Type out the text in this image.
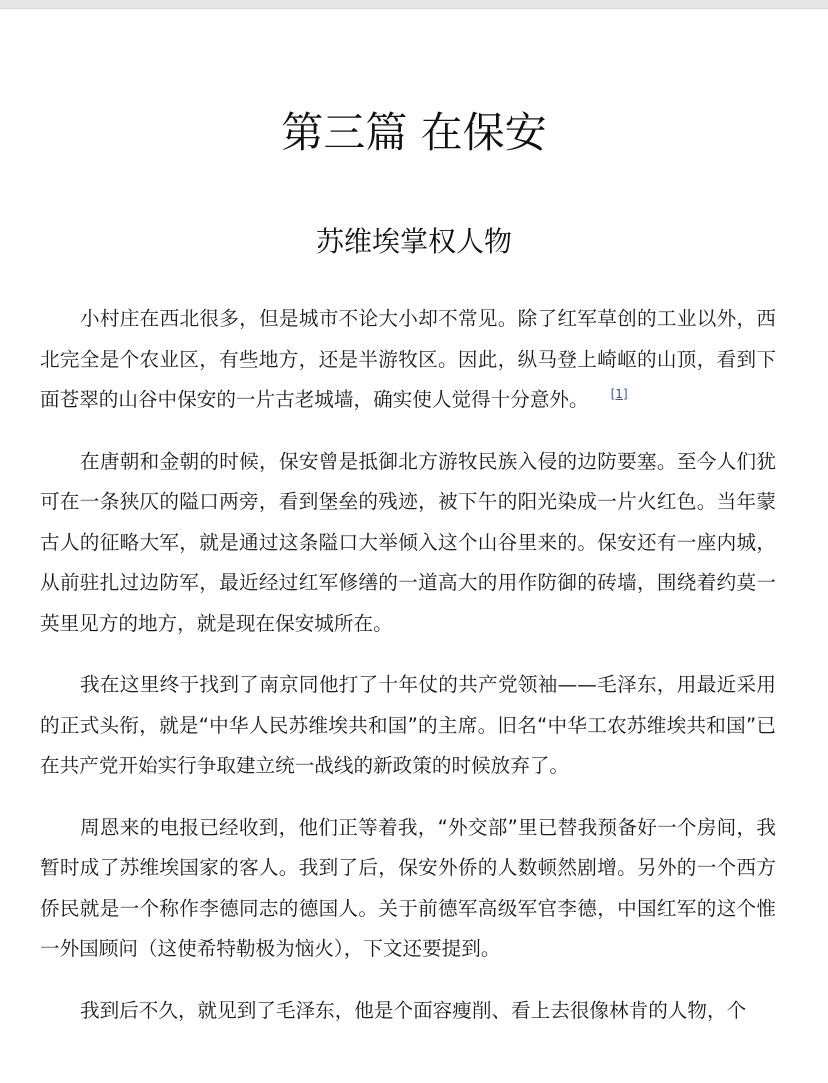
第三篇 在保安
苏维埃掌权人物

小村庄在西北很多，但是城市不论大小却不常见。除了红军草创的工业以外，西北完全是个农业区，有些地方，还是半游牧区。因此，纵马登上崎岖的山顶，看到下面苍翠的山谷中保安的一片古老城墙，确实使人觉得十分意外。 [1]

在唐朝和金朝的时候，保安曾是抵御北方游牧民族入侵的边防要塞。至今人们犹可在一条狭仄的隘口两旁，看到堡垒的残迹，被下午的阳光染成一片火红色。当年蒙古人的征略大军，就是通过这条隘口大举倾入这个山谷里来的。保安还有一座内城，从前驻扎过边防军，最近经过红军修缮的一道高大的用作防御的砖墙，围绕着约莫一英里见方的地方，就是现在保安城所在。

我在这里终于找到了南京同他打了十年仗的共产党领袖——毛泽东，用最近采用的正式头衔，就是“中华人民苏维埃共和国”的主席。旧名“中华工农苏维埃共和国”已在共产党开始实行争取建立统一战线的新政策的时候放弃了。

周恩来的电报已经收到，他们正等着我，“外交部”里已替我预备好一个房间，我暂时成了苏维埃国家的客人。我到了后，保安外侨的人数顿然剧增。另外的一个西方侨民就是一个称作李德同志的德国人。关于前德军高级军官李德，中国红军的这个惟一外国顾问（这使希特勒极为恼火），下文还要提到。

我到后不久，就见到了毛泽东，他是个面容瘦削、看上去很像林肯的人物，个
